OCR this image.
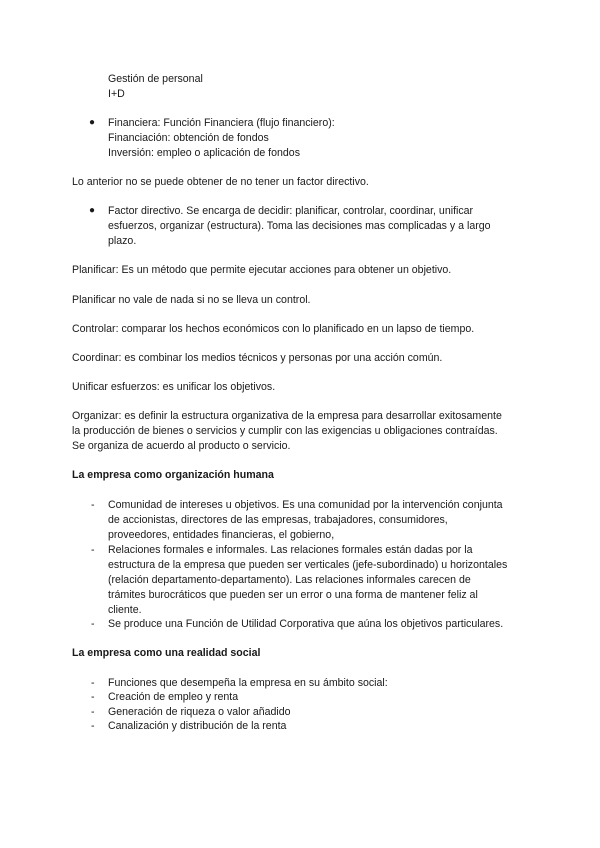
Gestión de personal
I+D
● Financiera: Función Financiera (flujo financiero):
Financiación: obtención de fondos
Inversión: empleo o aplicación de fondos
Lo anterior no se puede obtener de no tener un factor directivo.
● Factor directivo. Se encarga de decidir: planificar, controlar, coordinar, unificar
esfuerzos, organizar (estructura). Toma las decisiones mas complicadas y a largo
plazo.
Planificar: Es un método que permite ejecutar acciones para obtener un objetivo.
Planificar no vale de nada si no se lleva un control.
Controlar: comparar los hechos económicos con lo planificado en un lapso de tiempo.
Coordinar: es combinar los medios técnicos y personas por una acción común.
Unificar esfuerzos: es unificar los objetivos.
Organizar: es definir la estructura organizativa de la empresa para desarrollar exitosamente
la producción de bienes o servicios y cumplir con las exigencias u obligaciones contraídas.
Se organiza de acuerdo al producto o servicio.
La empresa como organización humana
- Comunidad de intereses u objetivos. Es una comunidad por la intervención conjunta
de accionistas, directores de las empresas, trabajadores, consumidores,
proveedores, entidades financieras, el gobierno,
- Relaciones formales e informales. Las relaciones formales están dadas por la
estructura de la empresa que pueden ser verticales (jefe-subordinado) u horizontales
(relación departamento-departamento). Las relaciones informales carecen de
trámites burocráticos que pueden ser un error o una forma de mantener feliz al
cliente.
- Se produce una Función de Utilidad Corporativa que aúna los objetivos particulares.
La empresa como una realidad social
- Funciones que desempeña la empresa en su ámbito social:
- Creación de empleo y renta
- Generación de riqueza o valor añadido
- Canalización y distribución de la renta
